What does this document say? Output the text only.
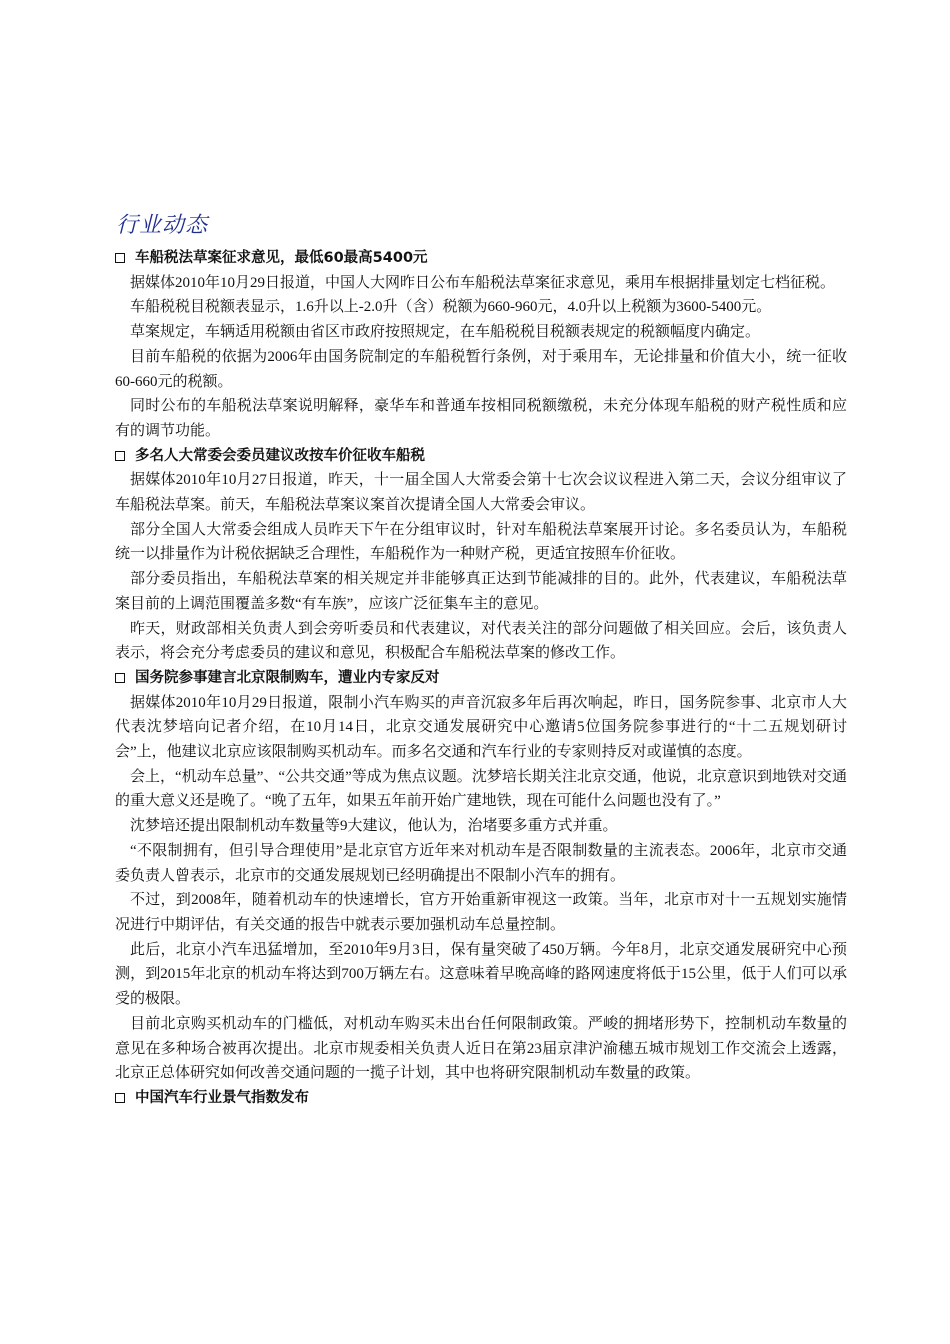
行业动态
车船税法草案征求意见，最低60最高5400元

据媒体2010年10月29日报道，中国人大网昨日公布车船税法草案征求意见，乘用车根据排量划定七档征税。

车船税税目税额表显示，1.6升以上-2.0升（含）税额为660-960元，4.0升以上税额为3600-5400元。

草案规定，车辆适用税额由省区市政府按照规定，在车船税税目税额表规定的税额幅度内确定。

目前车船税的依据为2006年由国务院制定的车船税暂行条例，对于乘用车，无论排量和价值大小，统一征收60-660元的税额。

同时公布的车船税法草案说明解释，豪华车和普通车按相同税额缴税，未充分体现车船税的财产税性质和应有的调节功能。

多名人大常委会委员建议改按车价征收车船税

据媒体2010年10月27日报道，昨天，十一届全国人大常委会第十七次会议议程进入第二天，会议分组审议了车船税法草案。前天，车船税法草案议案首次提请全国人大常委会审议。

部分全国人大常委会组成人员昨天下午在分组审议时，针对车船税法草案展开讨论。多名委员认为，车船税统一以排量作为计税依据缺乏合理性，车船税作为一种财产税，更适宜按照车价征收。

部分委员指出，车船税法草案的相关规定并非能够真正达到节能减排的目的。此外，代表建议，车船税法草案目前的上调范围覆盖多数“有车族”，应该广泛征集车主的意见。

昨天，财政部相关负责人到会旁听委员和代表建议，对代表关注的部分问题做了相关回应。会后，该负责人表示，将会充分考虑委员的建议和意见，积极配合车船税法草案的修改工作。

国务院参事建言北京限制购车，遭业内专家反对

据媒体2010年10月29日报道，限制小汽车购买的声音沉寂多年后再次响起，昨日，国务院参事、北京市人大代表沈梦培向记者介绍，在10月14日，北京交通发展研究中心邀请5位国务院参事进行的“十二五规划研讨会”上，他建议北京应该限制购买机动车。而多名交通和汽车行业的专家则持反对或谨慎的态度。

会上，“机动车总量”、“公共交通”等成为焦点议题。沈梦培长期关注北京交通，他说，北京意识到地铁对交通的重大意义还是晚了。“晚了五年，如果五年前开始广建地铁，现在可能什么问题也没有了。”

沈梦培还提出限制机动车数量等9大建议，他认为，治堵要多重方式并重。

“不限制拥有，但引导合理使用”是北京官方近年来对机动车是否限制数量的主流表态。2006年，北京市交通委负责人曾表示，北京市的交通发展规划已经明确提出不限制小汽车的拥有。

不过，到2008年，随着机动车的快速增长，官方开始重新审视这一政策。当年，北京市对十一五规划实施情况进行中期评估，有关交通的报告中就表示要加强机动车总量控制。

此后，北京小汽车迅猛增加，至2010年9月3日，保有量突破了450万辆。今年8月，北京交通发展研究中心预测，到2015年北京的机动车将达到700万辆左右。这意味着早晚高峰的路网速度将低于15公里，低于人们可以承受的极限。

目前北京购买机动车的门槛低，对机动车购买未出台任何限制政策。严峻的拥堵形势下，控制机动车数量的意见在多种场合被再次提出。北京市规委相关负责人近日在第23届京津沪渝穗五城市规划工作交流会上透露，北京正总体研究如何改善交通问题的一揽子计划，其中也将研究限制机动车数量的政策。

中国汽车行业景气指数发布
